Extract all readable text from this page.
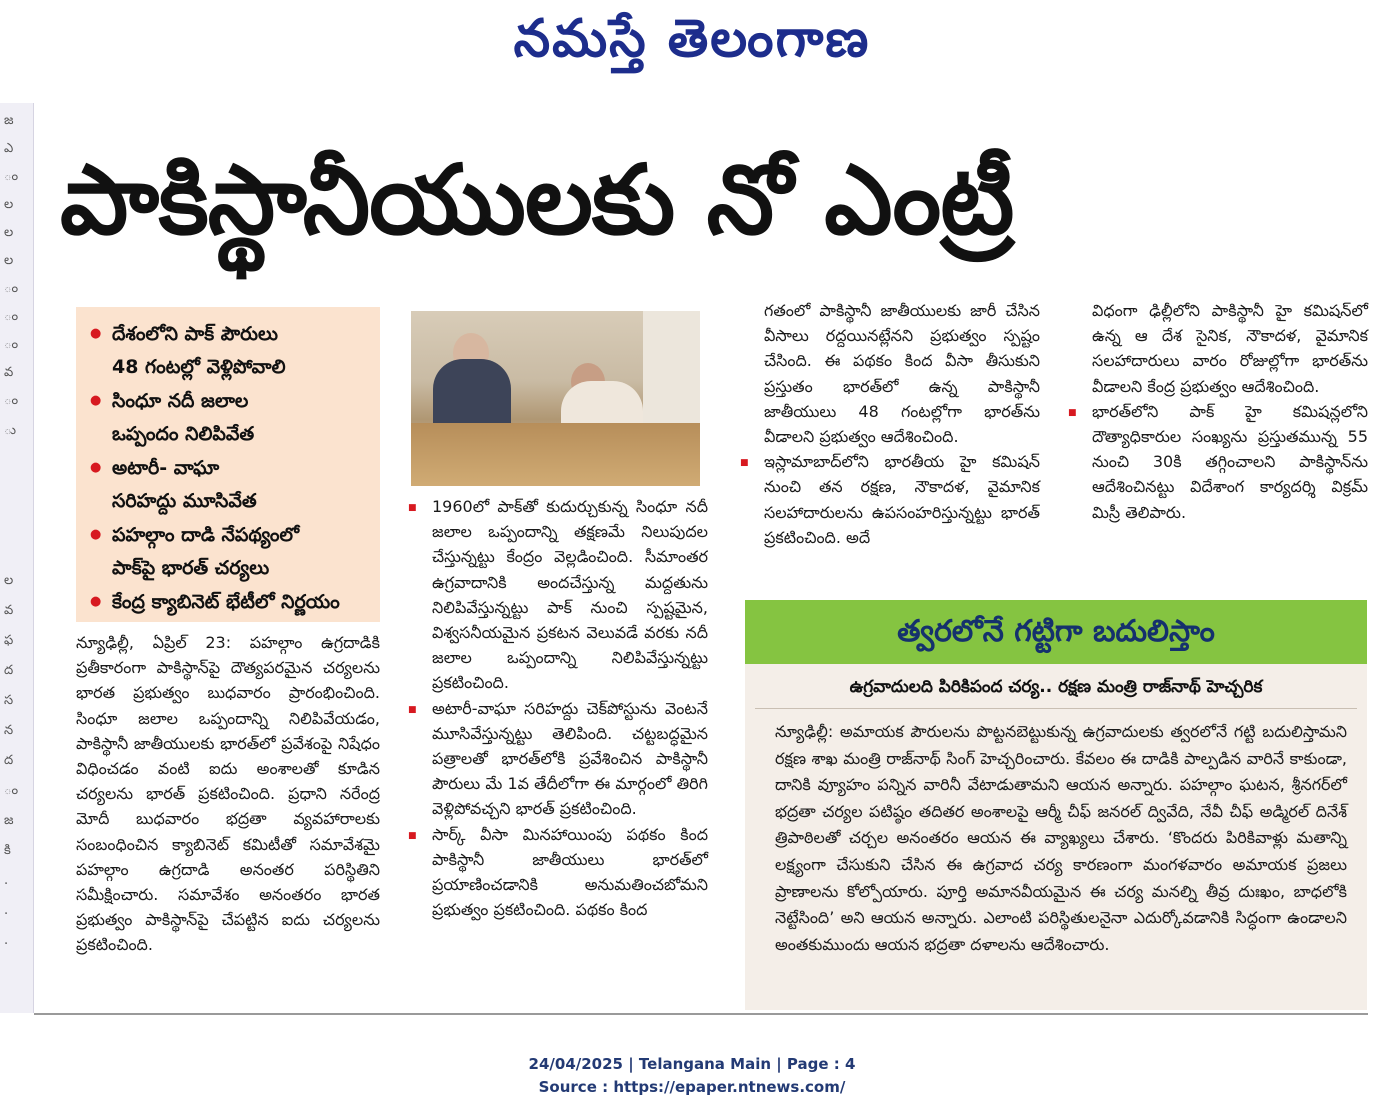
నమస్తే తెలంగాణ
జ
ఎ
ం
ల
ల
ల
ం
ం
ం
వ
ం
ు
ల
వ
ఫ
ద
స
న
ద
ం
జ
కి
.
.
.
పాకిస్థానీయులకు నో ఎంట్రీ
● దేశంలోని పాక్ పౌరులు
48 గంటల్లో వెళ్లిపోవాలి
● సింధూ నదీ జలాల
ఒప్పందం నిలిపివేత
● అటారీ- వాఘా
సరిహద్దు మూసివేత
● పహల్గాం దాడి నేపథ్యంలో
పాక్‌పై భారత్ చర్యలు
● కేంద్ర క్యాబినెట్ భేటీలో నిర్ణయం

న్యూఢిల్లీ, ఏప్రిల్ 23: పహల్గాం ఉగ్రదాడికి ప్రతీకారంగా పాకిస్థాన్‌పై దౌత్యపరమైన చర్యలను భారత ప్రభుత్వం బుధవారం ప్రారంభించింది. సింధూ జలాల ఒప్పందాన్ని నిలిపివేయడం, పాకిస్థానీ జాతీయులకు భారత్‌లో ప్రవేశంపై నిషేధం విధించడం వంటి ఐదు అంశాలతో కూడిన చర్యలను భారత్ ప్రకటించింది. ప్రధాని నరేంద్ర మోదీ బుధవారం భద్రతా వ్యవహారాలకు సంబంధించిన క్యాబినెట్ కమిటీతో సమావేశమై పహల్గాం ఉగ్రదాడి అనంతర పరిస్థితిని సమీక్షించారు. సమావేశం అనంతరం భారత ప్రభుత్వం పాకిస్థాన్‌పై చేపట్టిన ఐదు చర్యలను ప్రకటించింది.

■ 1960లో పాక్‌తో కుదుర్చుకున్న సింధూ నదీ జలాల ఒప్పందాన్ని తక్షణమే నిలుపుదల చేస్తున్నట్టు కేంద్రం వెల్లడించింది. సీమాంతర ఉగ్రవాదానికి అందచేస్తున్న మద్దతును నిలిపివేస్తున్నట్టు పాక్ నుంచి స్పష్టమైన, విశ్వసనీయమైన ప్రకటన వెలువడే వరకు నదీ జలాల ఒప్పందాన్ని నిలిపివేస్తున్నట్టు ప్రకటించింది.

■ అటారీ-వాఘా సరిహద్దు చెక్‌పోస్టును వెంటనే మూసివేస్తున్నట్టు తెలిపింది. చట్టబద్ధమైన పత్రాలతో భారత్‌లోకి ప్రవేశించిన పాకిస్థానీ పౌరులు మే 1వ తేదీలోగా ఈ మార్గంలో తిరిగి వెళ్లిపోవచ్చని భారత్ ప్రకటించింది.

■ సార్క్ వీసా మినహాయింపు పథకం కింద పాకిస్థానీ జాతీయులు భారత్‌లో ప్రయాణించడానికి అనుమతించబోమని ప్రభుత్వం ప్రకటించింది. పథకం కింద

గతంలో పాకిస్థానీ జాతీయులకు జారీ చేసిన వీసాలు రద్దయినట్లేనని ప్రభుత్వం స్పష్టం చేసింది. ఈ పథకం కింద వీసా తీసుకుని ప్రస్తుతం భారత్‌లో ఉన్న పాకిస్థానీ జాతీయులు 48 గంటల్లోగా భారత్‌ను వీడాలని ప్రభుత్వం ఆదేశించింది.

■ ఇస్లామాబాద్‌లోని భారతీయ హై కమిషన్ నుంచి తన రక్షణ, నౌకాదళ, వైమానిక సలహాదారులను ఉపసంహరిస్తున్నట్టు భారత్ ప్రకటించింది. అదే

విధంగా ఢిల్లీలోని పాకిస్థానీ హై కమిషన్‌లో ఉన్న ఆ దేశ సైనిక, నౌకాదళ, వైమానిక సలహాదారులు వారం రోజుల్లోగా భారత్‌ను వీడాలని కేంద్ర ప్రభుత్వం ఆదేశించింది.

■ భారత్‌లోని పాక్ హై కమిషన్లలోని దౌత్యాధికారుల సంఖ్యను ప్రస్తుతమున్న 55 నుంచి 30కి తగ్గించాలని పాకిస్థాన్‌ను ఆదేశించినట్టు విదేశాంగ కార్యదర్శి విక్రమ్ మిస్రీ తెలిపారు.

త్వరలోనే గట్టిగా బదులిస్తాం
ఉగ్రవాదులది పిరికిపంద చర్య.. రక్షణ మంత్రి రాజ్‌నాథ్ హెచ్చరిక
న్యూఢిల్లీ: అమాయక పౌరులను పొట్టనబెట్టుకున్న ఉగ్రవాదులకు త్వరలోనే గట్టి బదులిస్తామని రక్షణ శాఖ మంత్రి రాజ్‌నాథ్ సింగ్ హెచ్చరించారు. కేవలం ఈ దాడికి పాల్పడిన వారినే కాకుండా, దానికి వ్యూహం పన్నిన వారినీ వేటాడుతామని ఆయన అన్నారు. పహల్గాం ఘటన, శ్రీనగర్‌లో భద్రతా చర్యల పటిష్ఠం తదితర అంశాలపై ఆర్మీ చీఫ్ జనరల్ ద్వివేది, నేవీ చీఫ్ అడ్మిరల్ దినేశ్ త్రిపాఠిలతో చర్చల అనంతరం ఆయన ఈ వ్యాఖ్యలు చేశారు. ‘కొందరు పిరికివాళ్లు మతాన్ని లక్ష్యంగా చేసుకుని చేసిన ఈ ఉగ్రవాద చర్య కారణంగా మంగళవారం అమాయక ప్రజలు ప్రాణాలను కోల్పోయారు. పూర్తి అమానవీయమైన ఈ చర్య మనల్ని తీవ్ర దుఃఖం, బాధలోకి నెట్టేసింది’ అని ఆయన అన్నారు. ఎలాంటి పరిస్థితులనైనా ఎదుర్కోవడానికి సిద్ధంగా ఉండాలని అంతకుముందు ఆయన భద్రతా దళాలను ఆదేశించారు.
24/04/2025 | Telangana Main | Page : 4
Source : https://epaper.ntnews.com/
